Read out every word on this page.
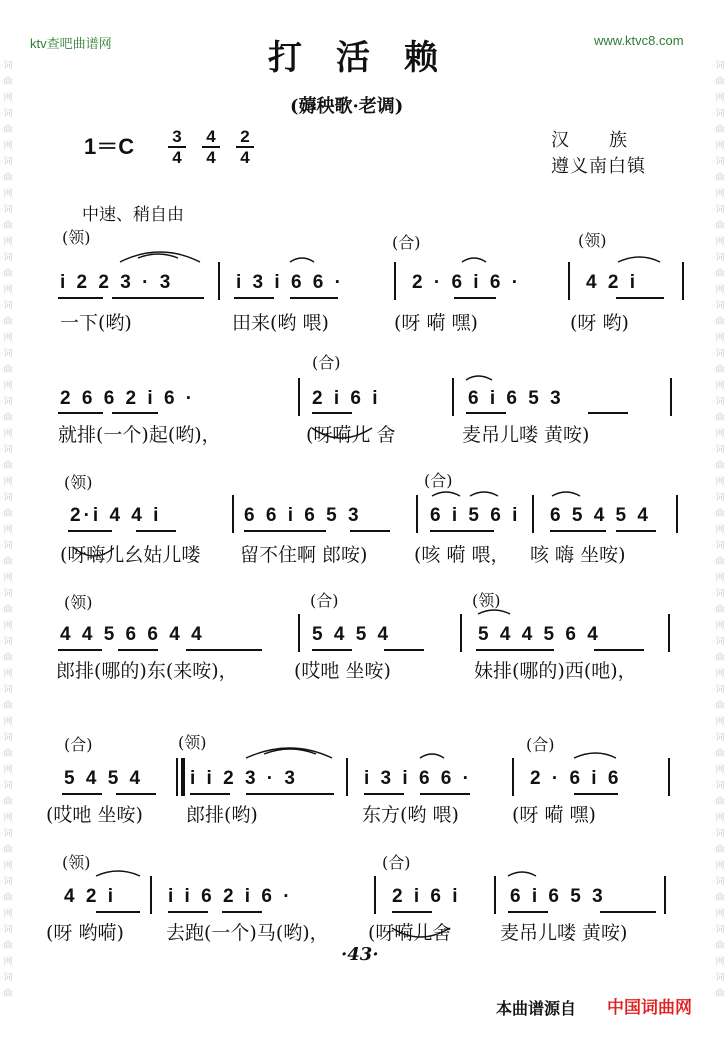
词
曲
网
词
曲
网
词
曲
网
词
曲
网
词
曲
网
词
曲
网
词
曲
网
词
曲
网
词
曲
网
词
曲
网
词
曲
网
词
曲
网
词
曲
网
词
曲
网
词
曲
网
词
曲
网
词
曲
网
词
曲
网
词
曲
网
词
曲
词
曲
网
词
曲
网
词
曲
网
词
曲
网
词
曲
网
词
曲
网
词
曲
网
词
曲
网
词
曲
网
词
曲
网
词
曲
网
词
曲
网
词
曲
网
词
曲
网
词
曲
网
词
曲
网
词
曲
网
词
曲
网
词
曲
网
词
曲
ktv查吧曲谱网	www.ktvc8.com
打活赖
(薅秧歌·老调)
1＝C	3
4
4
4
2
4
汉族
遵义南白镇
中速、稍自由
(领)	(合)	(领)
i 2 2 3 · 3	i 3 i 6 6 ·	2 · 6 i 6 ·	4 2 i
一下(哟)	田来(哟 喂)	(呀 嗬 嘿)	(呀 哟)
(合)
2 6 6 2 i 6 ·	2 i 6 i	6 i 6 5 3
就排(一个)起(哟)，	(呀嗬儿 舍	麦吊儿喽 黄咹)
(领)	(合)
2·i 4 4 i	6 6 i 6 5 3	6 i 5 6 i 6 5 4 5 4
(呀嗨儿幺姑儿喽 留不住啊 郎咹) (咳 嗬 喂， 咳 嗨 坐咹)
(领)	(合)	(领)
4 4 5 6 6 4 4	5 4 5 4	5 4 4 5 6 4
郎排(哪的)东(来咹)，	(哎吔 坐咹)	妹排(哪的)西(吔)，
(合)	(领)	(合)
5 4 5 4 i i 2 3 · 3	i 3 i 6 6 ·	2 · 6 i 6
(哎吔 坐咹) 郎排(哟)	东方(哟 喂)	(呀 嗬 嘿)
(领)	(合)
4 2 i	i i 6 2 i 6 ·	2 i 6 i	6 i 6 5 3
(呀 哟嗬) 去跑(一个)马(哟)， (呀嗬儿舍	麦吊儿喽 黄咹)
·43·
本曲谱源自 中国词曲网
